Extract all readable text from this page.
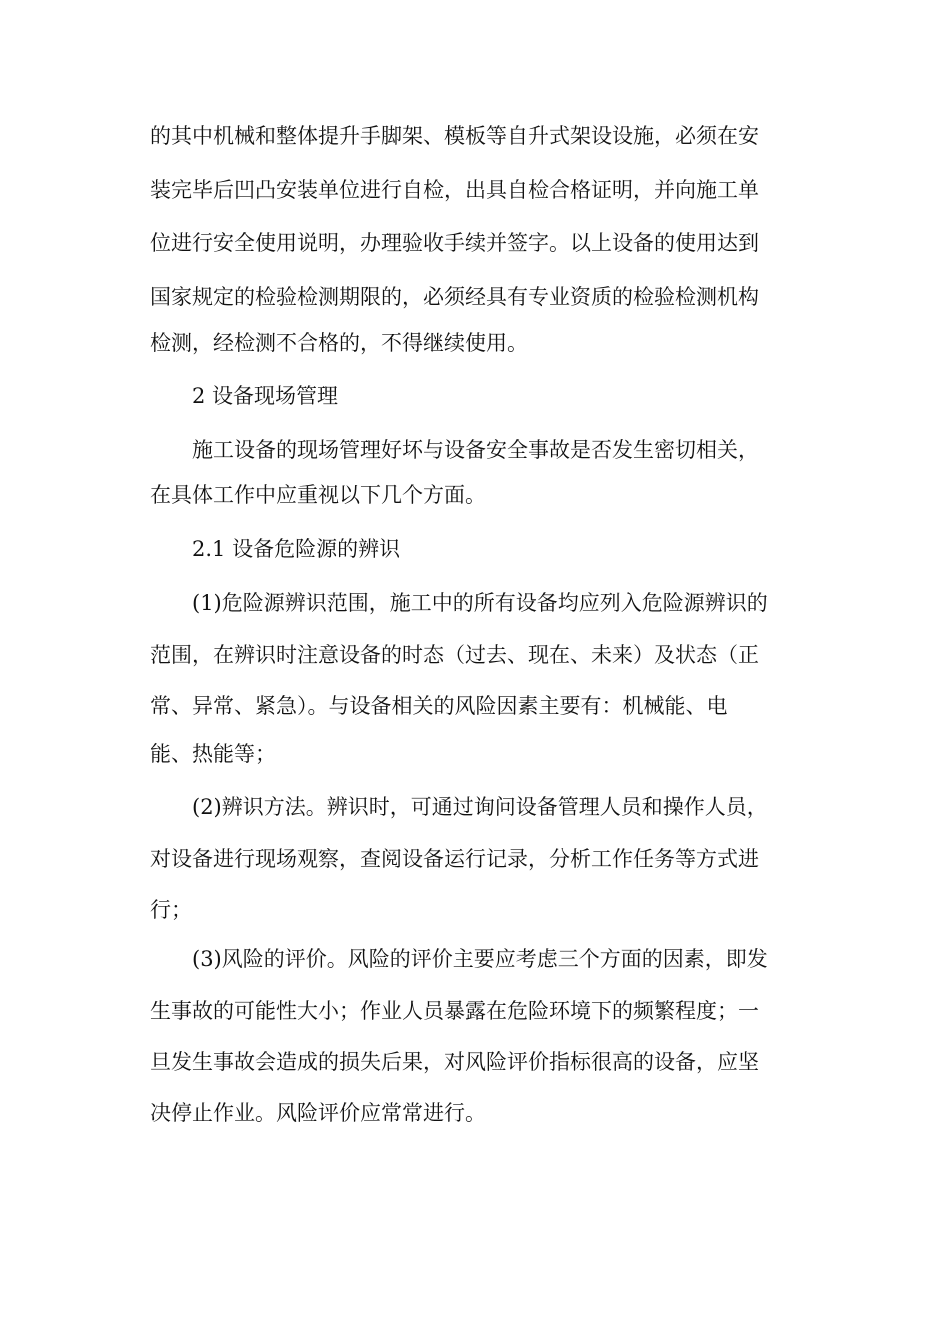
的其中机械和整体提升手脚架、模板等自升式架设设施，必须在安
装完毕后凹凸安装单位进行自检，出具自检合格证明，并向施工单
位进行安全使用说明，办理验收手续并签字。以上设备的使用达到
国家规定的检验检测期限的，必须经具有专业资质的检验检测机构
检测，经检测不合格的，不得继续使用。
2 设备现场管理
施工设备的现场管理好坏与设备安全事故是否发生密切相关，
在具体工作中应重视以下几个方面。
2.1 设备危险源的辨识
(1)危险源辨识范围，施工中的所有设备均应列入危险源辨识的
范围，在辨识时注意设备的时态（过去、现在、未来）及状态（正
常、异常、紧急）。与设备相关的风险因素主要有：机械能、电
能、热能等；
(2)辨识方法。辨识时，可通过询问设备管理人员和操作人员，
对设备进行现场观察，查阅设备运行记录，分析工作任务等方式进
行；
(3)风险的评价。风险的评价主要应考虑三个方面的因素，即发
生事故的可能性大小；作业人员暴露在危险环境下的频繁程度；一
旦发生事故会造成的损失后果，对风险评价指标很高的设备，应坚
决停止作业。风险评价应常常进行。
